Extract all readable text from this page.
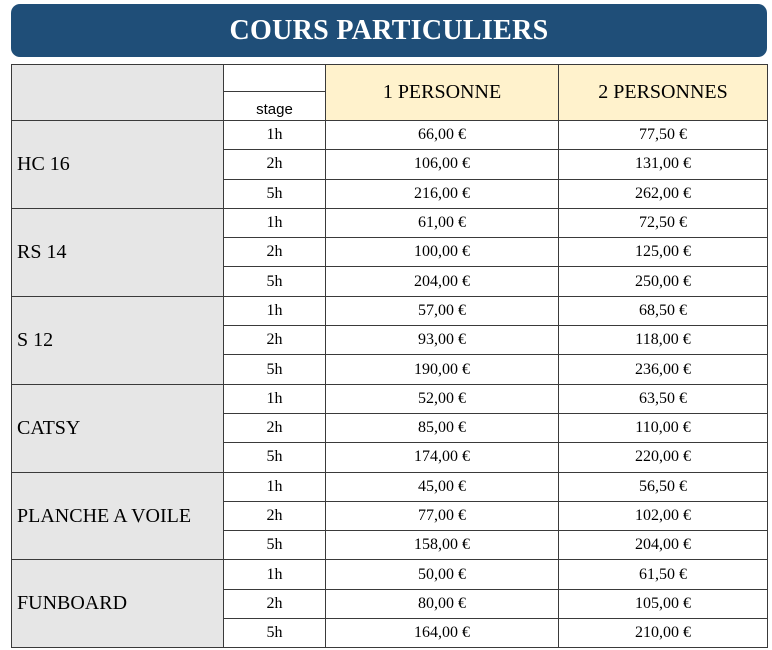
COURS PARTICULIERS
		1 PERSONNE	2 PERSONNES
	stage		
HC 16	1h	66,00 €	77,50 €
	2h	106,00 €	131,00 €
	5h	216,00 €	262,00 €
RS 14	1h	61,00 €	72,50 €
	2h	100,00 €	125,00 €
	5h	204,00 €	250,00 €
S 12	1h	57,00 €	68,50 €
	2h	93,00 €	118,00 €
	5h	190,00 €	236,00 €
CATSY	1h	52,00 €	63,50 €
	2h	85,00 €	110,00 €
	5h	174,00 €	220,00 €
PLANCHE A VOILE	1h	45,00 €	56,50 €
	2h	77,00 €	102,00 €
	5h	158,00 €	204,00 €
FUNBOARD	1h	50,00 €	61,50 €
	2h	80,00 €	105,00 €
	5h	164,00 €	210,00 €
